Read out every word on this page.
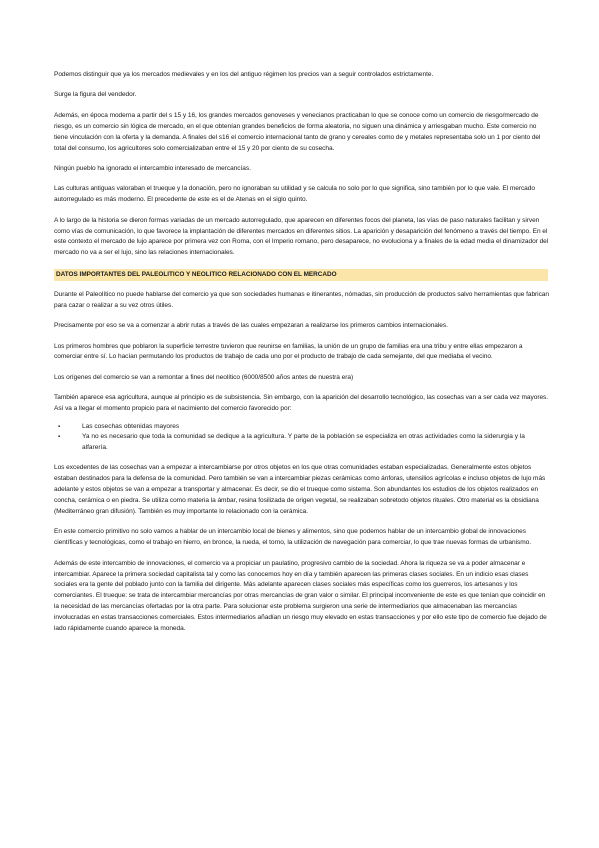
Podemos distinguir que ya los mercados medievales y en los del antiguo régimen los precios van a seguir controlados estrictamente.

Surge la figura del vendedor.

Además, en época moderna a partir del s 15 y 16, los grandes mercados genoveses y venecianos practicaban lo que se conoce como un comercio de riesgo/mercado de riesgo, es un comercio sin lógica de mercado, en el que obtenían grandes beneficios de forma aleatoria, no siguen una dinámica y arriesgaban mucho. Este comercio no tiene vinculación con la oferta y la demanda. A finales del s16 el comercio internacional tanto de grano y cereales como de y metales representaba solo un 1 por ciento del total del consumo, los agricultores solo comercializaban entre el 15 y 20 por ciento de su cosecha.

Ningún pueblo ha ignorado el intercambio interesado de mercancías.

Las culturas antiguas valoraban el trueque y la donación, pero no ignoraban su utilidad y se calcula no solo por lo que significa, sino también por lo que vale. El mercado autorregulado es más moderno. El precedente de este es el de Atenas en el siglo quinto.

A lo largo de la historia se dieron formas variadas de un mercado autorregulado, que aparecen en diferentes focos del planeta, las vías de paso naturales facilitan y sirven como vías de comunicación, lo que favorece la implantación de diferentes mercados en diferentes sitios. La aparición y desaparición del fenómeno a través del tiempo. En el este contexto el mercado de lujo aparece por primera vez con Roma, con el Imperio romano, pero desaparece, no evoluciona y a finales de la edad media el dinamizador del mercado no va a ser el lujo, sino las relaciones internacionales.

DATOS IMPORTANTES DEL PALEOLITICO Y NEOLITICO RELACIONADO CON EL MERCADO

Durante el Paleolítico no puede hablarse del comercio ya que son sociedades humanas e itinerantes, nómadas, sin producción de productos salvo herramientas que fabrican para cazar o realizar a su vez otros útiles.

Precisamente por eso se va a comenzar a abrir rutas a través de las cuales empezaran a realizarse los primeros cambios internacionales.

Los primeros hombres que poblaron la superficie terrestre tuvieron que reunirse en familias, la unión de un grupo de familias era una tribu y entre ellas empezaron a comerciar entre sí. Lo hacían permutando los productos de trabajo de cada uno por el producto de trabajo de cada semejante, del que mediaba el vecino.

Los orígenes del comercio se van a remontar a fines del neolítico (6000/8500 años antes de nuestra era)

También aparece esa agricultura, aunque al principio es de subsistencia. Sin embargo, con la aparición del desarrollo tecnológico, las cosechas van a ser cada vez mayores. Así va a llegar el momento propicio para el nacimiento del comercio favorecido por:

▪	Las cosechas obtenidas mayores
▪	Ya no es necesario que toda la comunidad se dedique a la agricultura. Y parte de la población se especializa en otras actividades como la siderurgia y la alfarería.

Los excedentes de las cosechas van a empezar a intercambiarse por otros objetos en los que otras comunidades estaban especializadas. Generalmente estos objetos estaban destinados para la defensa de la comunidad. Pero también se van a intercambiar piezas cerámicas como ánforas, utensilios agrícolas e incluso objetos de lujo más adelante y estos objetos se van a empezar a transportar y almacenar. Es decir, se dio el trueque como sistema. Son abundantes los estudios de los objetos realizados en concha, cerámica o en piedra. Se utiliza como materia la ámbar, resina fosilizada de origen vegetal, se realizaban sobretodo objetos rituales. Otro material es la obsidiana (Mediterráneo gran difusión). También es muy importante lo relacionado con la cerámica.

En este comercio primitivo no solo vamos a hablar de un intercambio local de bienes y alimentos, sino que podemos hablar de un intercambio global de innovaciones científicas y tecnológicas, como el trabajo en hierro, en bronce, la rueda, el torno, la utilización de navegación para comerciar, lo que trae nuevas formas de urbanismo.

Además de este intercambio de innovaciones, el comercio va a propiciar un paulatino, progresivo cambio de la sociedad. Ahora la riqueza se va a poder almacenar e intercambiar. Aparece la primera sociedad capitalista tal y como las conocemos hoy en día y también aparecen las primeras clases sociales. En un indicio esas clases sociales era la gente del poblado junto con la familia del dirigente. Más adelante aparecen clases sociales más específicas como los guerreros, los artesanos y los comerciantes. El trueque: se trata de intercambiar mercancías por otras mercancías de gran valor o similar. El principal inconveniente de este es que tenían que coincidir en la necesidad de las mercancías ofertadas por la otra parte. Para solucionar este problema surgieron una serie de intermediarios que almacenaban las mercancías involucradas en estas transacciones comerciales. Estos intermediarios añadían un riesgo muy elevado en estas transacciones y por ello este tipo de comercio fue dejado de lado rápidamente cuando aparece la moneda.
